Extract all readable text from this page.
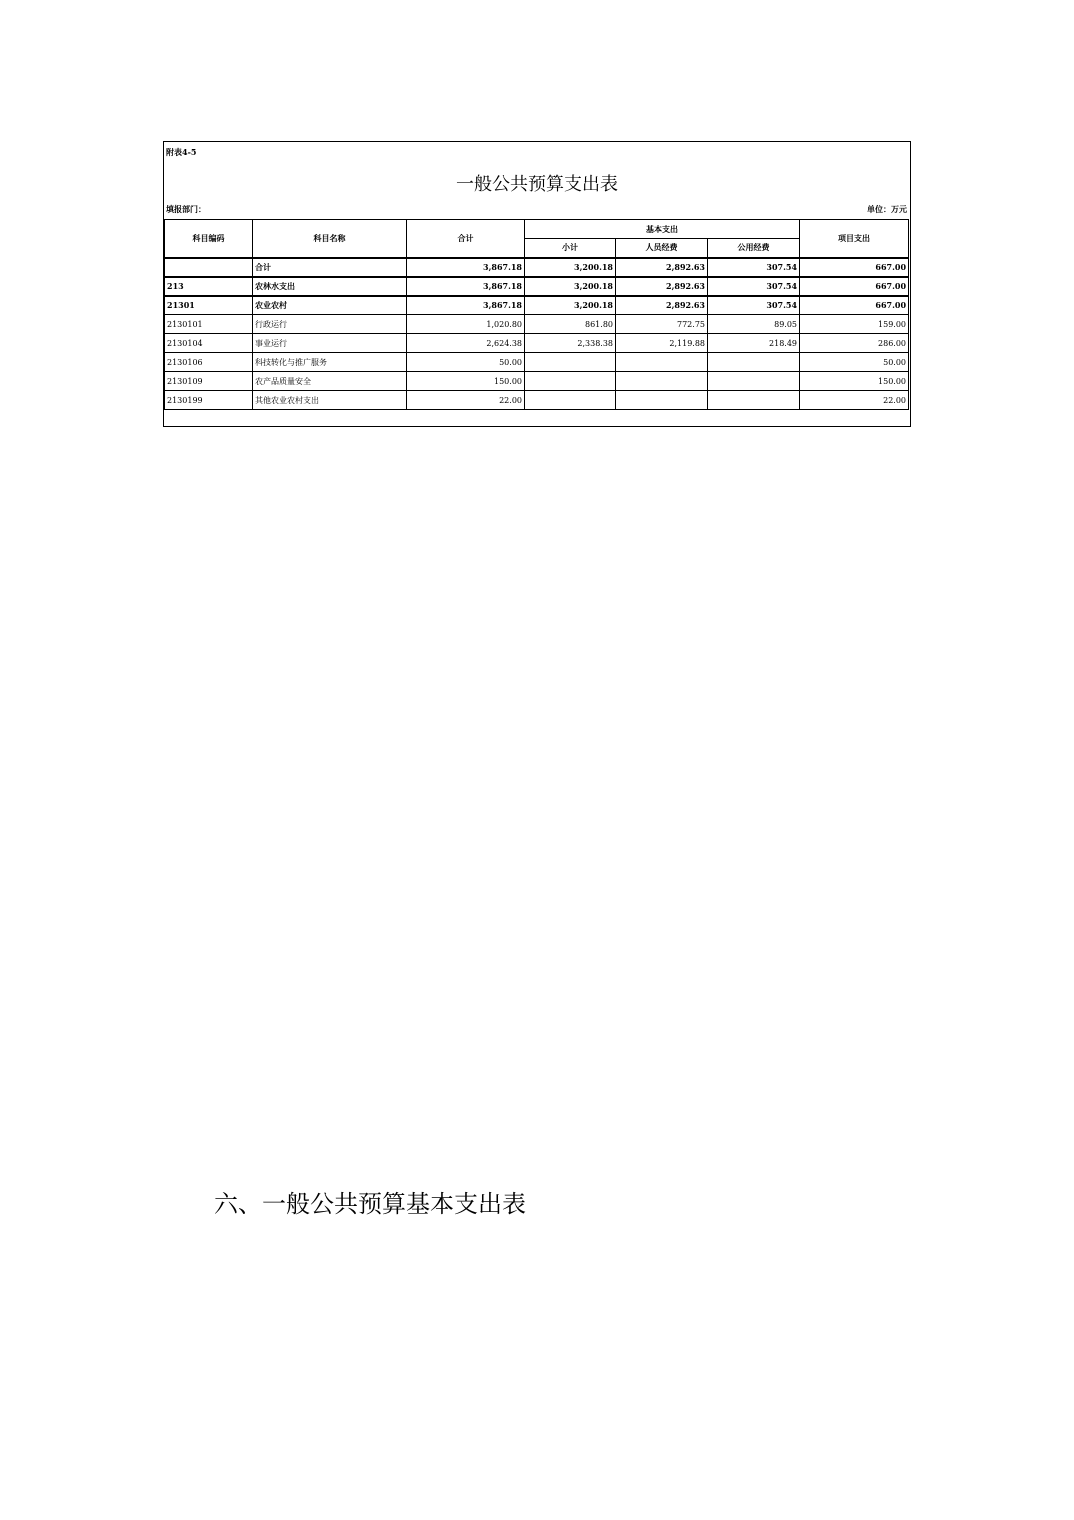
附表4-5
一般公共预算支出表
填报部门：	单位：万元
科目编码	科目名称	合计	基本支出			项目支出
			小计	人员经费	公用经费	
	合计	3,867.18	3,200.18	2,892.63	307.54	667.00
213	农林水支出	3,867.18	3,200.18	2,892.63	307.54	667.00
21301	农业农村	3,867.18	3,200.18	2,892.63	307.54	667.00
2130101	行政运行	1,020.80	861.80	772.75	89.05	159.00
2130104	事业运行	2,624.38	2,338.38	2,119.88	218.49	286.00
2130106	科技转化与推广服务	50.00				50.00
2130109	农产品质量安全	150.00				150.00
2130199	其他农业农村支出	22.00				22.00
六、一般公共预算基本支出表
